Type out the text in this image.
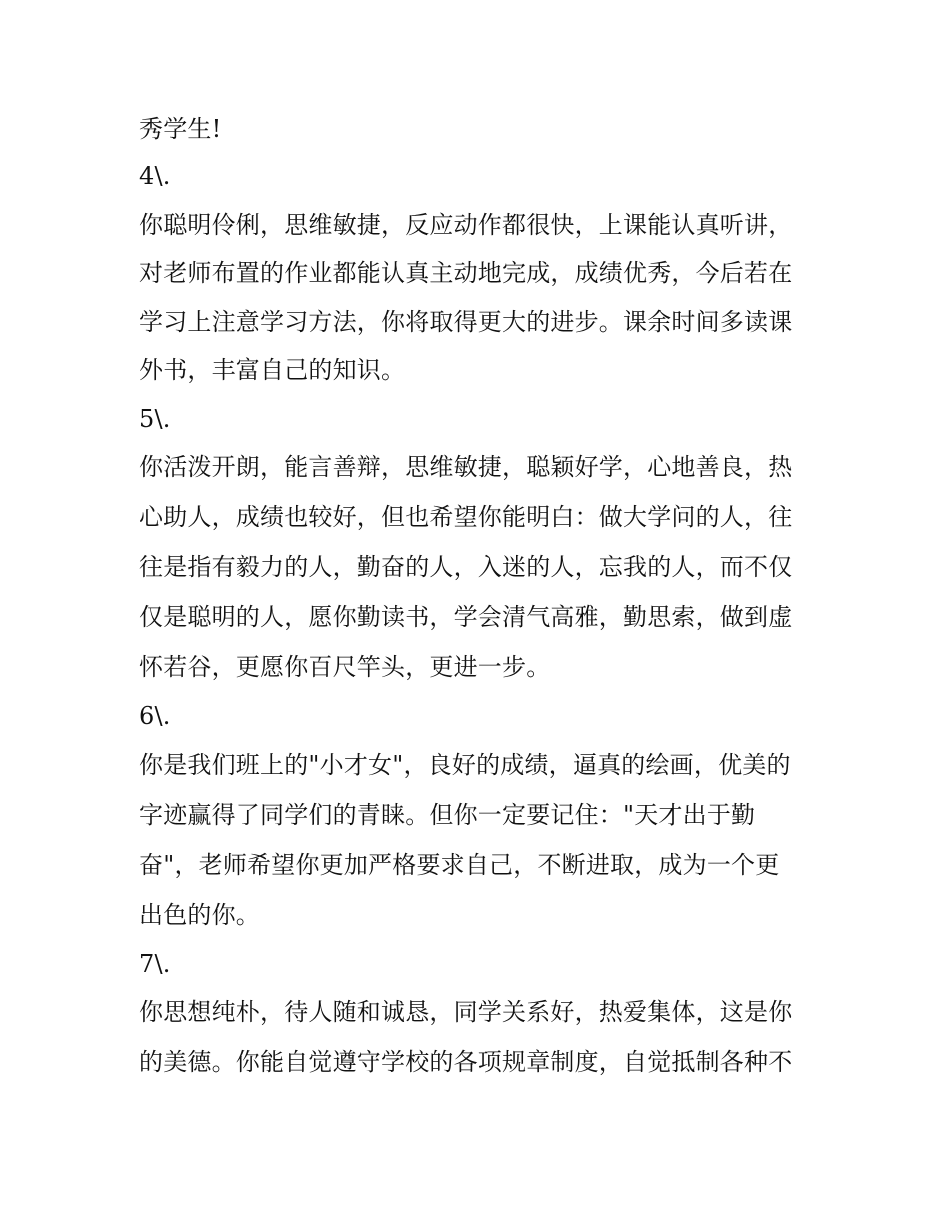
秀学生!
4\.
你聪明伶俐，思维敏捷，反应动作都很快，上课能认真听讲，
对老师布置的作业都能认真主动地完成，成绩优秀，今后若在
学习上注意学习方法，你将取得更大的进步。课余时间多读课
外书，丰富自己的知识。
5\.
你活泼开朗，能言善辩，思维敏捷，聪颖好学，心地善良，热
心助人，成绩也较好，但也希望你能明白：做大学问的人，往
往是指有毅力的人，勤奋的人，入迷的人，忘我的人，而不仅
仅是聪明的人，愿你勤读书，学会清气高雅，勤思索，做到虚
怀若谷，更愿你百尺竿头，更进一步。
6\.
你是我们班上的"小才女"，良好的成绩，逼真的绘画，优美的
字迹赢得了同学们的青睐。但你一定要记住："天才出于勤
奋"，老师希望你更加严格要求自己，不断进取，成为一个更
出色的你。
7\.
你思想纯朴，待人随和诚恳，同学关系好，热爱集体，这是你
的美德。你能自觉遵守学校的各项规章制度，自觉抵制各种不
